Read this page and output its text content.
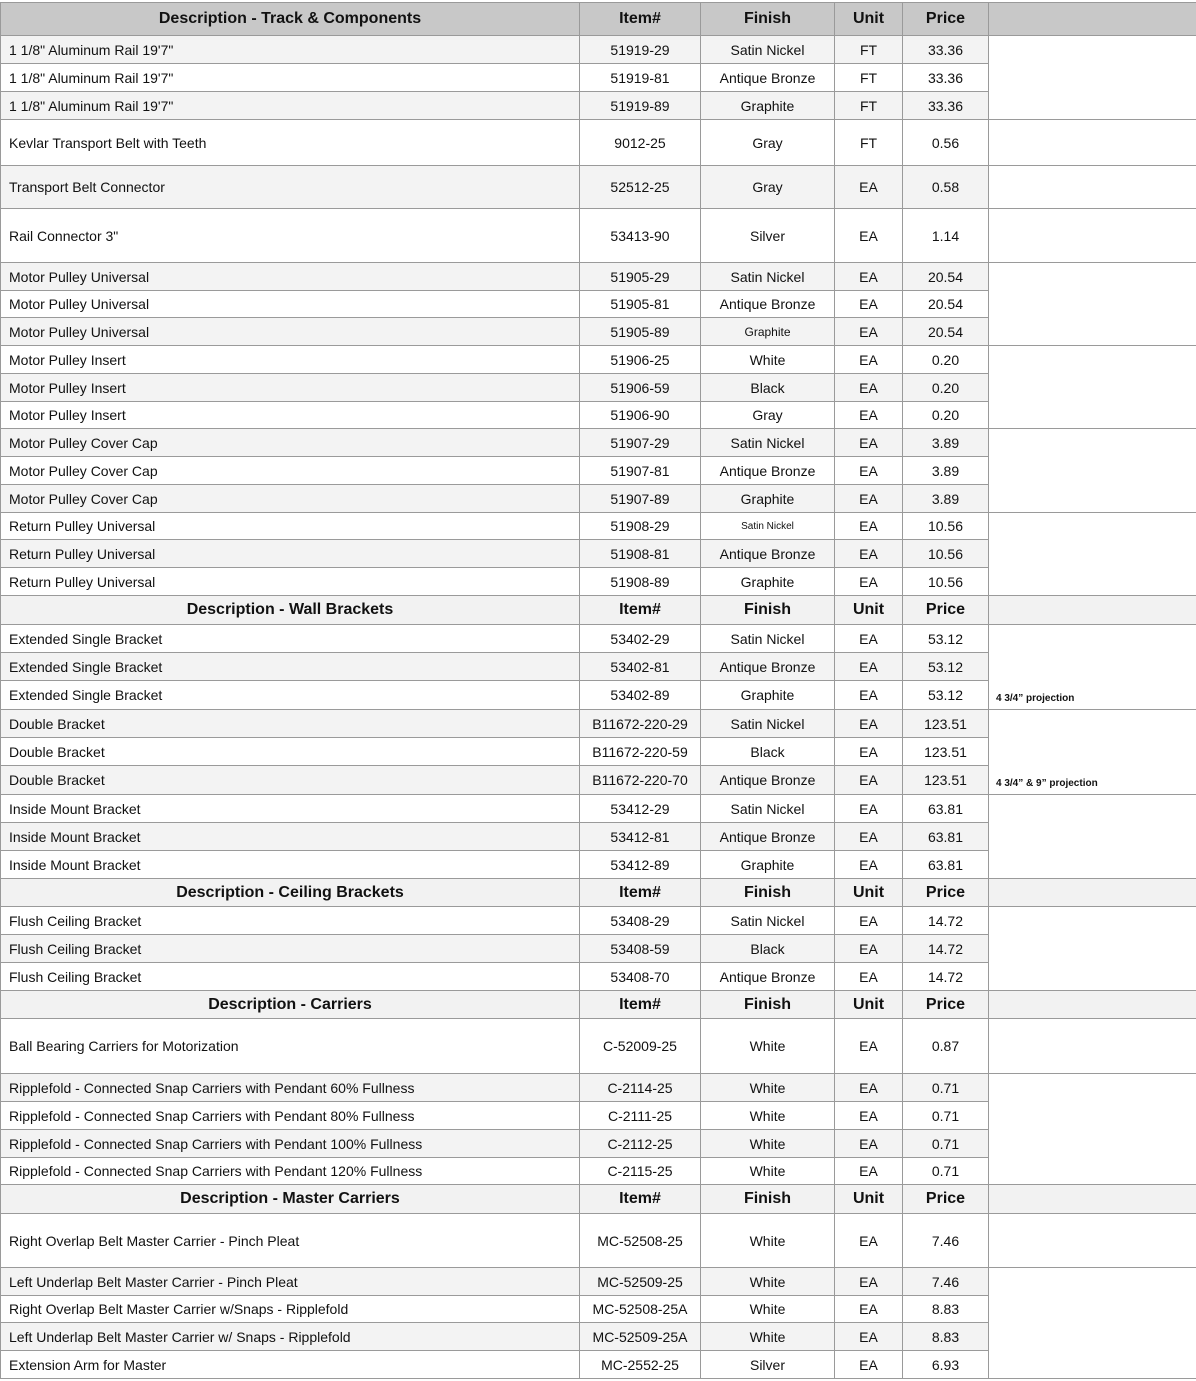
Description - Track & Components	Item#	Finish	Unit	Price	
1 1/8" Aluminum Rail 19'7"	51919-29	Satin Nickel	FT	33.36	
1 1/8" Aluminum Rail 19'7"	51919-81	Antique Bronze	FT	33.36	
1 1/8" Aluminum Rail 19'7"	51919-89	Graphite	FT	33.36	
Kevlar Transport Belt with Teeth	9012-25	Gray	FT	0.56	
Transport Belt Connector	52512-25	Gray	EA	0.58	
Rail Connector 3"	53413-90	Silver	EA	1.14	
Motor Pulley Universal	51905-29	Satin Nickel	EA	20.54	
Motor Pulley Universal	51905-81	Antique Bronze	EA	20.54	
Motor Pulley Universal	51905-89	Graphite	EA	20.54	
Motor Pulley Insert	51906-25	White	EA	0.20	
Motor Pulley Insert	51906-59	Black	EA	0.20	
Motor Pulley Insert	51906-90	Gray	EA	0.20	
Motor Pulley Cover Cap	51907-29	Satin Nickel	EA	3.89	
Motor Pulley Cover Cap	51907-81	Antique Bronze	EA	3.89	
Motor Pulley Cover Cap	51907-89	Graphite	EA	3.89	
Return Pulley Universal	51908-29	Satin Nickel	EA	10.56	
Return Pulley Universal	51908-81	Antique Bronze	EA	10.56	
Return Pulley Universal	51908-89	Graphite	EA	10.56	
Description - Wall Brackets	Item#	Finish	Unit	Price	
Extended Single Bracket	53402-29	Satin Nickel	EA	53.12	4 3/4” projection
Extended Single Bracket	53402-81	Antique Bronze	EA	53.12	
Extended Single Bracket	53402-89	Graphite	EA	53.12	
Double Bracket	B11672-220-29	Satin Nickel	EA	123.51	4 3/4” & 9” projection
Double Bracket	B11672-220-59	Black	EA	123.51	
Double Bracket	B11672-220-70	Antique Bronze	EA	123.51	
Inside Mount Bracket	53412-29	Satin Nickel	EA	63.81	
Inside Mount Bracket	53412-81	Antique Bronze	EA	63.81	
Inside Mount Bracket	53412-89	Graphite	EA	63.81	
Description - Ceiling Brackets	Item#	Finish	Unit	Price	
Flush Ceiling Bracket	53408-29	Satin Nickel	EA	14.72	
Flush Ceiling Bracket	53408-59	Black	EA	14.72	
Flush Ceiling Bracket	53408-70	Antique Bronze	EA	14.72	
Description - Carriers	Item#	Finish	Unit	Price	
Ball Bearing Carriers for Motorization	C-52009-25	White	EA	0.87	
Ripplefold - Connected Snap Carriers with Pendant 60% Fullness	C-2114-25	White	EA	0.71	
Ripplefold - Connected Snap Carriers with Pendant 80% Fullness	C-2111-25	White	EA	0.71	
Ripplefold - Connected Snap Carriers with Pendant 100% Fullness	C-2112-25	White	EA	0.71	
Ripplefold - Connected Snap Carriers with Pendant 120% Fullness	C-2115-25	White	EA	0.71	
Description - Master Carriers	Item#	Finish	Unit	Price	
Right Overlap Belt Master Carrier - Pinch Pleat	MC-52508-25	White	EA	7.46	
Left Underlap Belt Master Carrier - Pinch Pleat	MC-52509-25	White	EA	7.46	
Right Overlap Belt Master Carrier w/Snaps - Ripplefold	MC-52508-25A	White	EA	8.83	
Left Underlap Belt Master Carrier w/ Snaps - Ripplefold	MC-52509-25A	White	EA	8.83	
Extension Arm for Master	MC-2552-25	Silver	EA	6.93	
